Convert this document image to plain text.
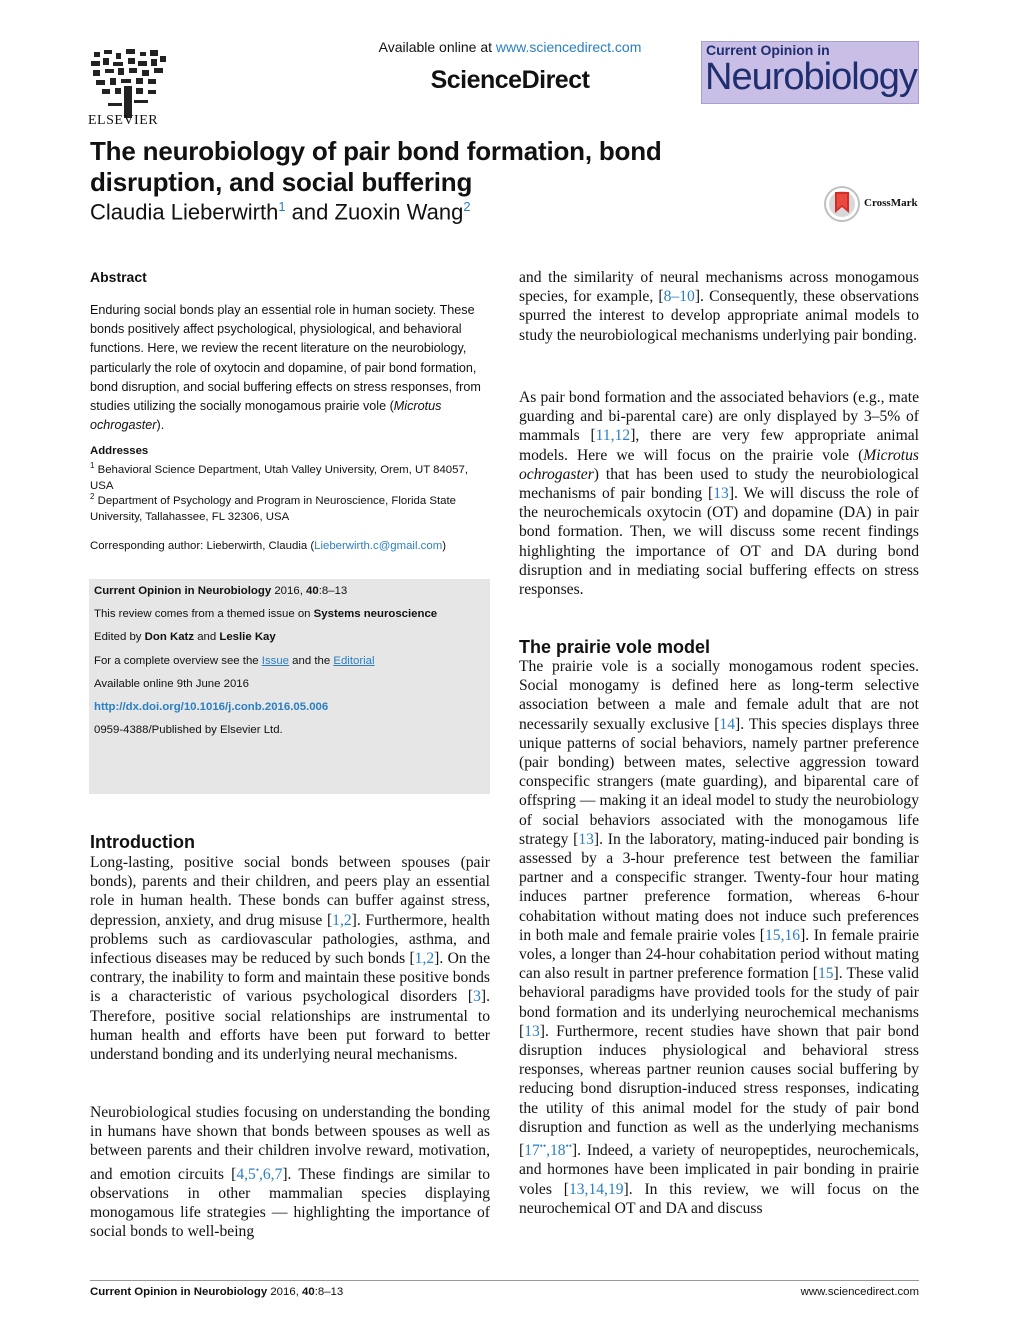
ELSEVIER
Available online at www.sciencedirect.com
ScienceDirect
Current Opinion in
Neurobiology
The neurobiology of pair bond formation, bond disruption, and social buffering
Claudia Lieberwirth$^1$ and Zuoxin Wang$^2$	CrossMark
Abstract
Enduring social bonds play an essential role in human society. These bonds positively affect psychological, physiological, and behavioral functions. Here, we review the recent literature on the neurobiology, particularly the role of oxytocin and dopamine, of pair bond formation, bond disruption, and social buffering effects on stress responses, from studies utilizing the socially monogamous prairie vole (Microtus ochrogaster).
Addresses
$^1$ Behavioral Science Department, Utah Valley University, Orem, UT 84057, USA
$^2$ Department of Psychology and Program in Neuroscience, Florida State University, Tallahassee, FL 32306, USA
Corresponding author: Lieberwirth, Claudia (Lieberwirth.c@gmail.com)
Current Opinion in Neurobiology 2016, 40:8–13
This review comes from a themed issue on Systems neuroscience
Edited by Don Katz and Leslie Kay
For a complete overview see the Issue and the Editorial
Available online 9th June 2016
http://dx.doi.org/10.1016/j.conb.2016.05.006
0959-4388/Published by Elsevier Ltd.
Introduction
Long-lasting, positive social bonds between spouses (pair bonds), parents and their children, and peers play an essential role in human health. These bonds can buffer against stress, depression, anxiety, and drug misuse [1,2]. Furthermore, health problems such as cardiovascular pathologies, asthma, and infectious diseases may be reduced by such bonds [1,2]. On the contrary, the inability to form and maintain these positive bonds is a characteristic of various psychological disorders [3]. Therefore, positive social relationships are instrumental to human health and efforts have been put forward to better understand bonding and its underlying neural mechanisms.
Neurobiological studies focusing on understanding the bonding in humans have shown that bonds between spouses as well as between parents and their children involve reward, motivation, and emotion circuits [4,5•,6,7]. These findings are similar to observations in other mammalian species displaying monogamous life strategies — highlighting the importance of social bonds to well-being
and the similarity of neural mechanisms across monogamous species, for example, [8–10]. Consequently, these observations spurred the interest to develop appropriate animal models to study the neurobiological mechanisms underlying pair bonding.
As pair bond formation and the associated behaviors (e.g., mate guarding and bi-parental care) are only displayed by 3–5% of mammals [11,12], there are very few appropriate animal models. Here we will focus on the prairie vole (Microtus ochrogaster) that has been used to study the neurobiological mechanisms of pair bonding [13]. We will discuss the role of the neurochemicals oxytocin (OT) and dopamine (DA) in pair bond formation. Then, we will discuss some recent findings highlighting the importance of OT and DA during bond disruption and in mediating social buffering effects on stress responses.
The prairie vole model
The prairie vole is a socially monogamous rodent species. Social monogamy is defined here as long-term selective association between a male and female adult that are not necessarily sexually exclusive [14]. This species displays three unique patterns of social behaviors, namely partner preference (pair bonding) between mates, selective aggression toward conspecific strangers (mate guarding), and biparental care of offspring — making it an ideal model to study the neurobiology of social behaviors associated with the monogamous life strategy [13]. In the laboratory, mating-induced pair bonding is assessed by a 3-hour preference test between the familiar partner and a conspecific stranger. Twenty-four hour mating induces partner preference formation, whereas 6-hour cohabitation without mating does not induce such preferences in both male and female prairie voles [15,16]. In female prairie voles, a longer than 24-hour cohabitation period without mating can also result in partner preference formation [15]. These valid behavioral paradigms have provided tools for the study of pair bond formation and its underlying neurochemical mechanisms [13]. Furthermore, recent studies have shown that pair bond disruption induces physiological and behavioral stress responses, whereas partner reunion causes social buffering by reducing bond disruption-induced stress responses, indicating the utility of this animal model for the study of pair bond disruption and function as well as the underlying mechanisms [17••,18••]. Indeed, a variety of neuropeptides, neurochemicals, and hormones have been implicated in pair bonding in prairie voles [13,14,19]. In this review, we will focus on the neurochemical OT and DA and discuss
Current Opinion in Neurobiology 2016, 40:8–13	www.sciencedirect.com
